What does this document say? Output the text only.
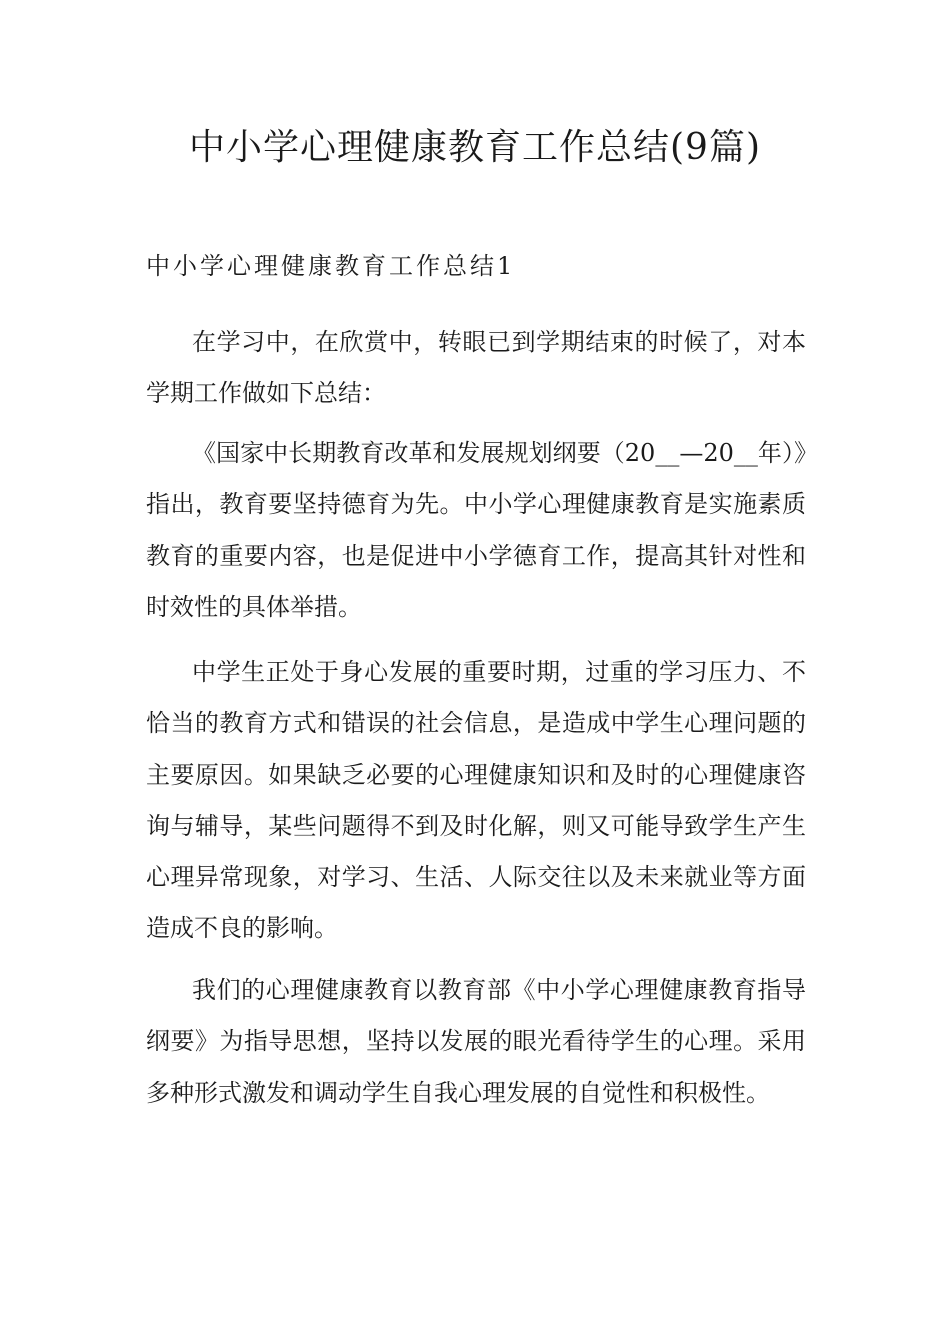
中小学心理健康教育工作总结(9篇)
中小学心理健康教育工作总结1

在学习中，在欣赏中，转眼已到学期结束的时候了，对本学期工作做如下总结：

《国家中长期教育改革和发展规划纲要（20__—20__年）》指出，教育要坚持德育为先。中小学心理健康教育是实施素质教育的重要内容，也是促进中小学德育工作，提高其针对性和时效性的具体举措。

中学生正处于身心发展的重要时期，过重的学习压力、不恰当的教育方式和错误的社会信息，是造成中学生心理问题的主要原因。如果缺乏必要的心理健康知识和及时的心理健康咨询与辅导，某些问题得不到及时化解，则又可能导致学生产生心理异常现象，对学习、生活、人际交往以及未来就业等方面造成不良的影响。

我们的心理健康教育以教育部《中小学心理健康教育指导纲要》为指导思想，坚持以发展的眼光看待学生的心理。采用多种形式激发和调动学生自我心理发展的自觉性和积极性。
